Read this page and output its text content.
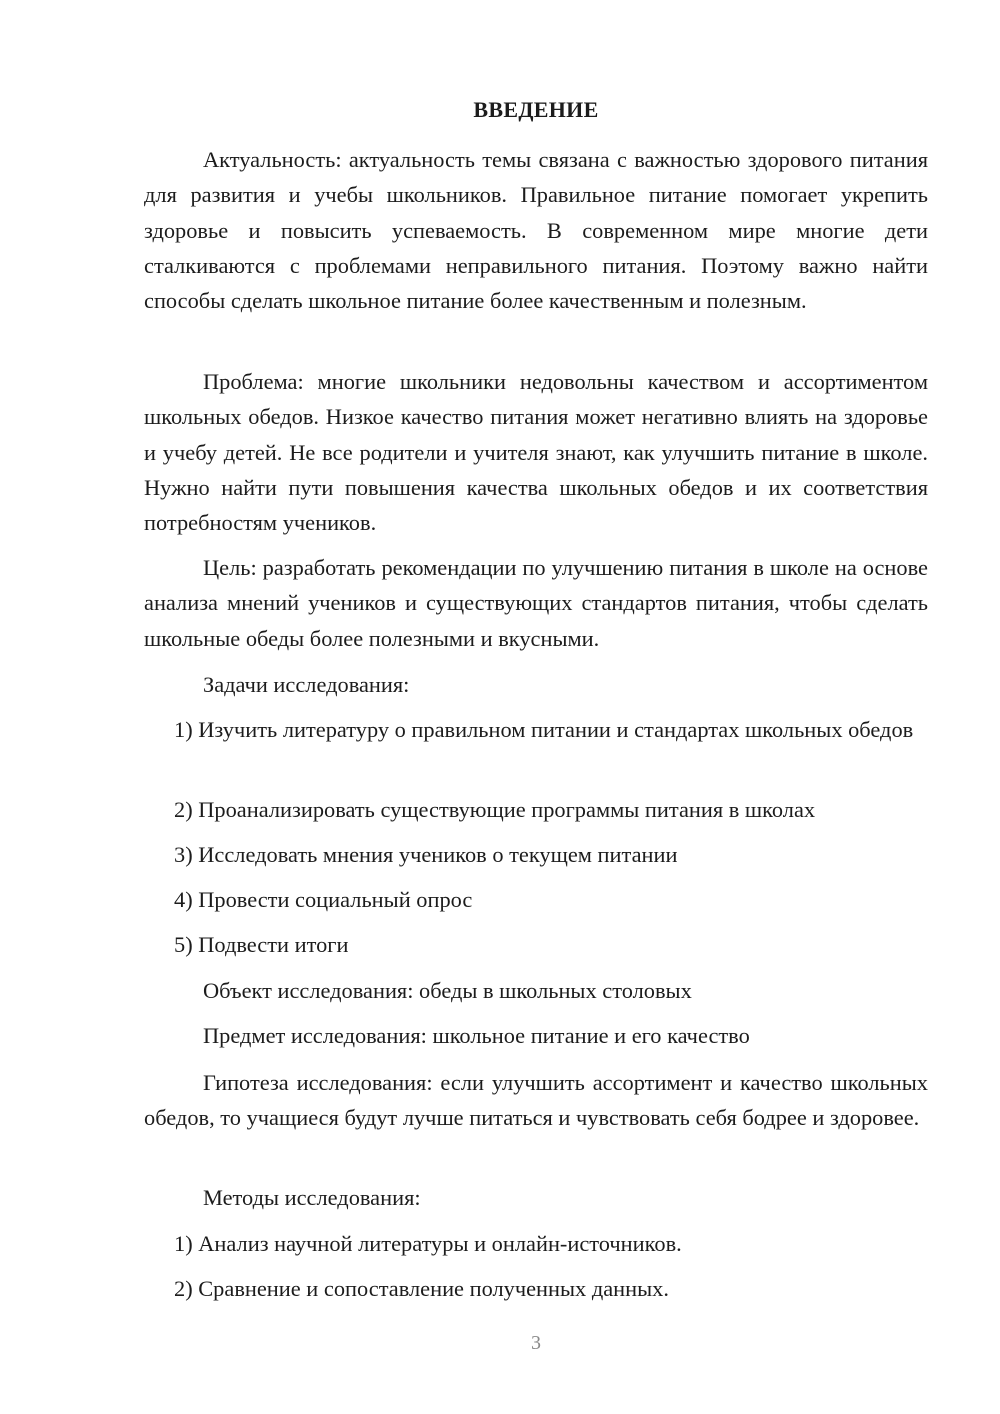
ВВЕДЕНИЕ
Актуальность: актуальность темы связана с важностью здорового питания для развития и учебы школьников. Правильное питание помогает укрепить здоровье и повысить успеваемость. В современном мире многие дети сталкиваются с проблемами неправильного питания. Поэтому важно найти способы сделать школьное питание более качественным и полезным.
Проблема: многие школьники недовольны качеством и ассортиментом школьных обедов. Низкое качество питания может негативно влиять на здоровье и учебу детей. Не все родители и учителя знают, как улучшить питание в школе. Нужно найти пути повышения качества школьных обедов и их соответствия потребностям учеников.
Цель: разработать рекомендации по улучшению питания в школе на основе анализа мнений учеников и существующих стандартов питания, чтобы сделать школьные обеды более полезными и вкусными.
Задачи исследования:
1) Изучить литературу о правильном питании и стандартах школьных обедов
2) Проанализировать существующие программы питания в школах
3) Исследовать мнения учеников о текущем питании
4) Провести социальный опрос
5) Подвести итоги
Объект исследования: обеды в школьных столовых
Предмет исследования: школьное питание и его качество
Гипотеза исследования: если улучшить ассортимент и качество школьных обедов, то учащиеся будут лучше питаться и чувствовать себя бодрее и здоровее.
Методы исследования:
1) Анализ научной литературы и онлайн-источников.
2) Сравнение и сопоставление полученных данных.
3
